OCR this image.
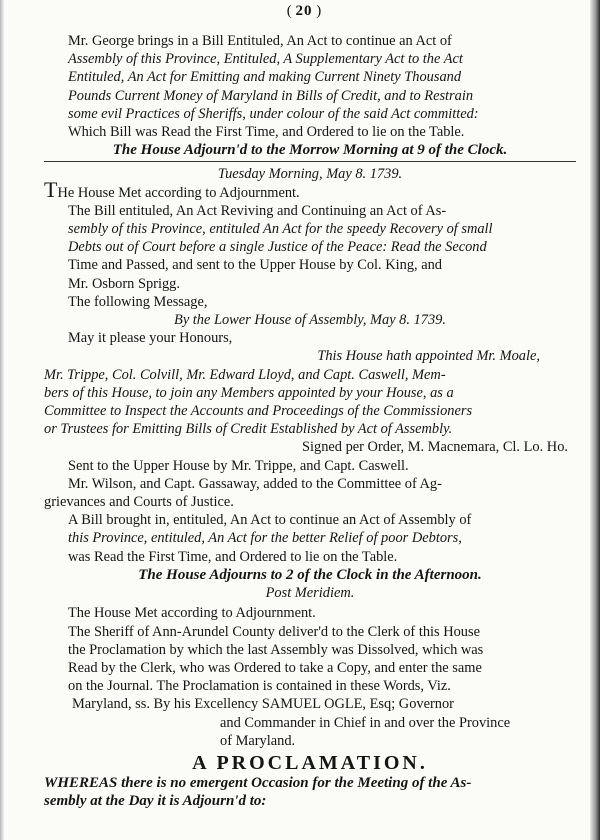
( 20 )
Mr. George brings in a Bill Entituled, An Act to continue an Act of
Assembly of this Province, Entituled, A Supplementary Act to the Act
Entituled, An Act for Emitting and making Current Ninety Thousand
Pounds Current Money of Maryland in Bills of Credit, and to Restrain
some evil Practices of Sheriffs, under colour of the said Act committed:
Which Bill was Read the First Time, and Ordered to lie on the Table.
The House Adjourn'd to the Morrow Morning at 9 of the Clock.
Tuesday Morning, May 8. 1739.
THe House Met according to Adjournment.
The Bill entituled, An Act Reviving and Continuing an Act of As-
sembly of this Province, entituled An Act for the speedy Recovery of small
Debts out of Court before a single Justice of the Peace: Read the Second
Time and Passed, and sent to the Upper House by Col. King, and
Mr. Osborn Sprigg.
The following Message,
By the Lower House of Assembly, May 8. 1739.
May it please your Honours,
This House hath appointed Mr. Moale,
Mr. Trippe, Col. Colvill, Mr. Edward Lloyd, and Capt. Caswell, Mem-
bers of this House, to join any Members appointed by your House, as a
Committee to Inspect the Accounts and Proceedings of the Commissioners
or Trustees for Emitting Bills of Credit Established by Act of Assembly.
Signed per Order, M. Macnemara, Cl. Lo. Ho.
Sent to the Upper House by Mr. Trippe, and Capt. Caswell.
Mr. Wilson, and Capt. Gassaway, added to the Committee of Ag-
grievances and Courts of Justice.
A Bill brought in, entituled, An Act to continue an Act of Assembly of
this Province, entituled, An Act for the better Relief of poor Debtors,
was Read the First Time, and Ordered to lie on the Table.
The House Adjourns to 2 of the Clock in the Afternoon.
Post Meridiem.
The House Met according to Adjournment.
The Sheriff of Ann-Arundel County deliver'd to the Clerk of this House
the Proclamation by which the last Assembly was Dissolved, which was
Read by the Clerk, who was Ordered to take a Copy, and enter the same
on the Journal. The Proclamation is contained in these Words, Viz.
Maryland, ss. By his Excellency SAMUEL OGLE, Esq; Governor
and Commander in Chief in and over the Province
of Maryland.
A PROCLAMATION.
WHEREAS there is no emergent Occasion for the Meeting of the As-
sembly at the Day it is Adjourn'd to:
